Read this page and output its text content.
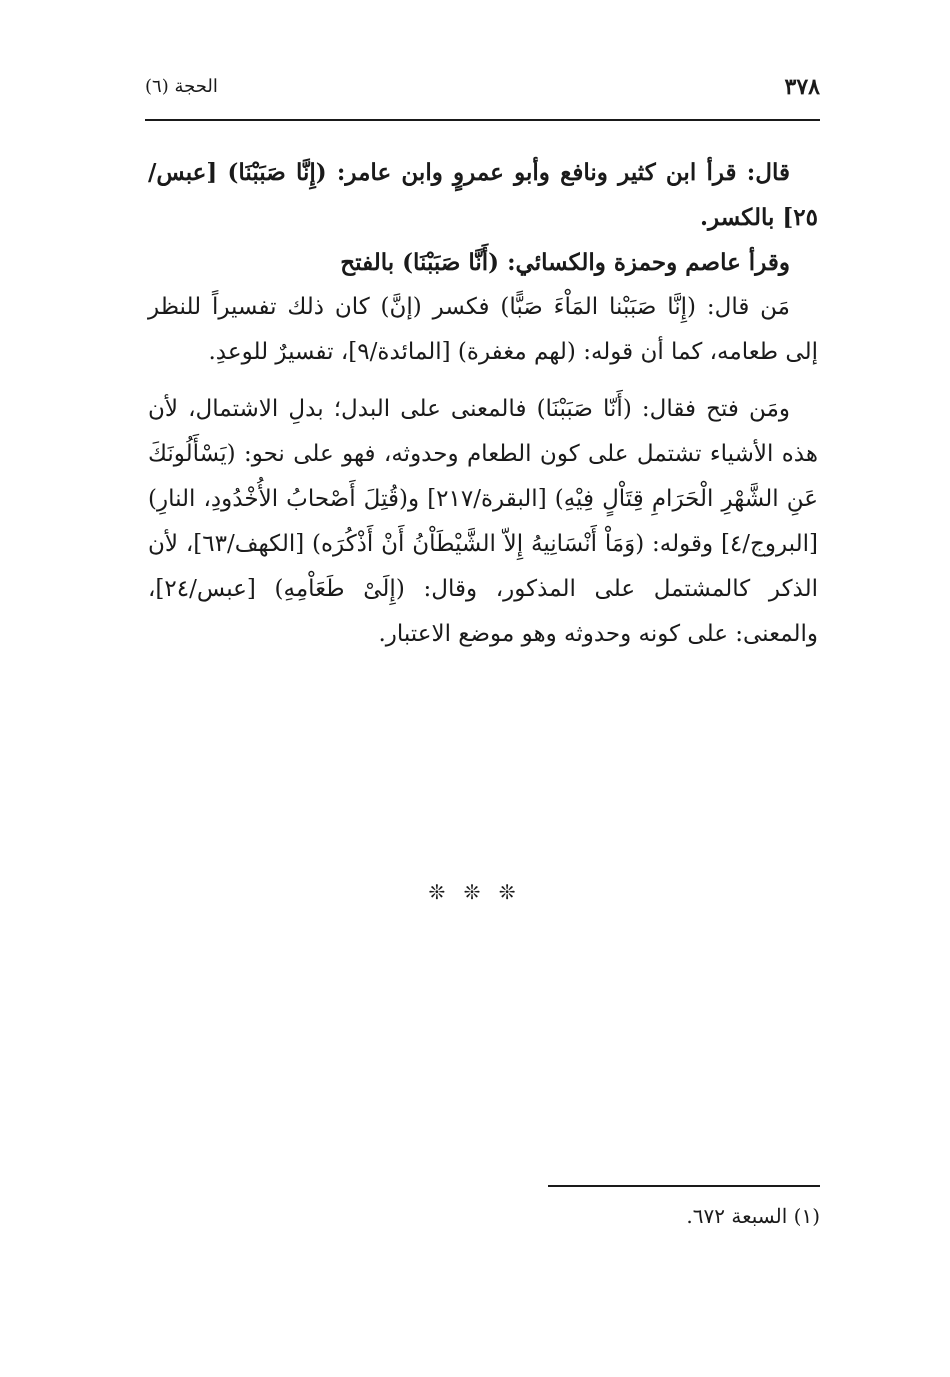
٣٧٨
الحجة (٦)

قال: قرأ ابن كثير ونافع وأبو عمروٍ وابن عامر: (إِنَّا صَبَبْنَا) [عبس/٢٥] بالكسر.

وقرأ عاصم وحمزة والكسائي: (أَنَّا صَبَبْنَا) بالفتح

مَن قال: (إِنَّا صَبَبْنا المَاْءَ صَبًّا) فكسر (إنَّ) كان ذلك تفسيراً للنظر إلى طعامه، كما أن قوله: (لهم مغفرة) [المائدة/٩]، تفسيرٌ للوعدِ.

ومَن فتح فقال: (أَنّا صَبَبْنَا) فالمعنى على البدل؛ بدلِ الاشتمال، لأن هذه الأشياء تشتمل على كون الطعام وحدوثه، فهو على نحو: (يَسْأَلُونَكَ عَنِ الشَّهْرِ الْحَرَامِ قِتَاْلٍ فِيْهِ) [البقرة/٢١٧] و(قُتِلَ أَصْحابُ الأُخْدُودِ، النارِ) [البروج/٤] وقوله: (وَمَاْ أَنْسَانِيهُ إِلاّ الشَّيْطَاْنُ أَنْ أَذْكُرَه) [الكهف/٦٣]، لأن الذكر كالمشتمل على المذكور، وقال: (إِلَىْ طَعَاْمِهِ) [عبس/٢٤]، والمعنى: على كونه وحدوثه وهو موضع الاعتبار.

❊ ❊ ❊
(١) السبعة ٦٧٢.
